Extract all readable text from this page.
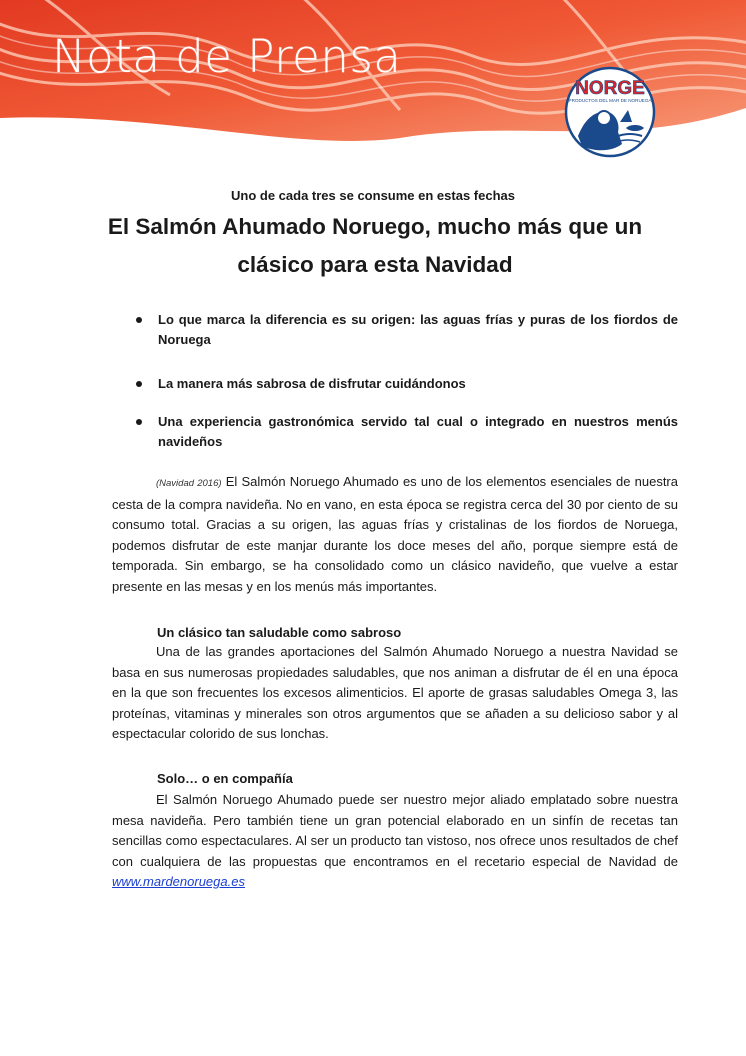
Nota de Prensa
NORGE
PRODUCTOS DEL MAR DE NORUEGA
Uno de cada tres se consume en estas fechas
El Salmón Ahumado Noruego, mucho más que un clásico para esta Navidad
Lo que marca la diferencia es su origen: las aguas frías y puras de los fiordos de Noruega
La manera más sabrosa de disfrutar cuidándonos
Una experiencia gastronómica servido tal cual o integrado en nuestros menús navideños
(Navidad 2016) El Salmón Noruego Ahumado es uno de los elementos esenciales de nuestra cesta de la compra navideña. No en vano, en esta época se registra cerca del 30 por ciento de su consumo total. Gracias a su origen, las aguas frías y cristalinas de los fiordos de Noruega, podemos disfrutar de este manjar durante los doce meses del año, porque siempre está de temporada. Sin embargo, se ha consolidado como un clásico navideño, que vuelve a estar presente en las mesas y en los menús más importantes.
Un clásico tan saludable como sabroso
Una de las grandes aportaciones del Salmón Ahumado Noruego a nuestra Navidad se basa en sus numerosas propiedades saludables, que nos animan a disfrutar de él en una época en la que son frecuentes los excesos alimenticios. El aporte de grasas saludables Omega 3, las proteínas, vitaminas y minerales son otros argumentos que se añaden a su delicioso sabor y al espectacular colorido de sus lonchas.
Solo… o en compañía
El Salmón Noruego Ahumado puede ser nuestro mejor aliado emplatado sobre nuestra mesa navideña. Pero también tiene un gran potencial elaborado en un sinfín de recetas tan sencillas como espectaculares. Al ser un producto tan vistoso, nos ofrece unos resultados de chef con cualquiera de las propuestas que encontramos en el recetario especial de Navidad de www.mardenoruega.es
